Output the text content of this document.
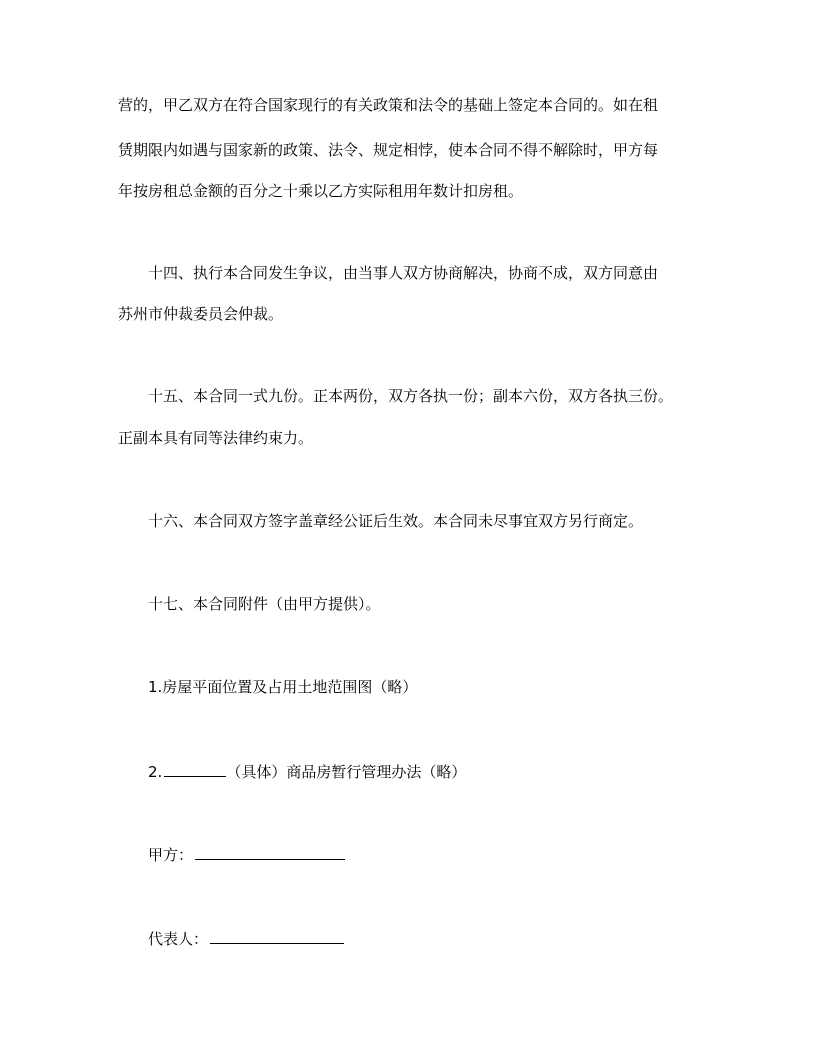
营的，甲乙双方在符合国家现行的有关政策和法令的基础上签定本合同的。如在租
赁期限内如遇与国家新的政策、法令、规定相悖，使本合同不得不解除时，甲方每
年按房租总金额的百分之十乘以乙方实际租用年数计扣房租。
十四、执行本合同发生争议，由当事人双方协商解决，协商不成，双方同意由
苏州市仲裁委员会仲裁。
十五、本合同一式九份。正本两份，双方各执一份；副本六份，双方各执三份。
正副本具有同等法律约束力。
十六、本合同双方签字盖章经公证后生效。本合同未尽事宜双方另行商定。
十七、本合同附件（由甲方提供）。
1.房屋平面位置及占用土地范围图（略）
2.	（具体）商品房暂行管理办法（略）
甲方：
代表人：
